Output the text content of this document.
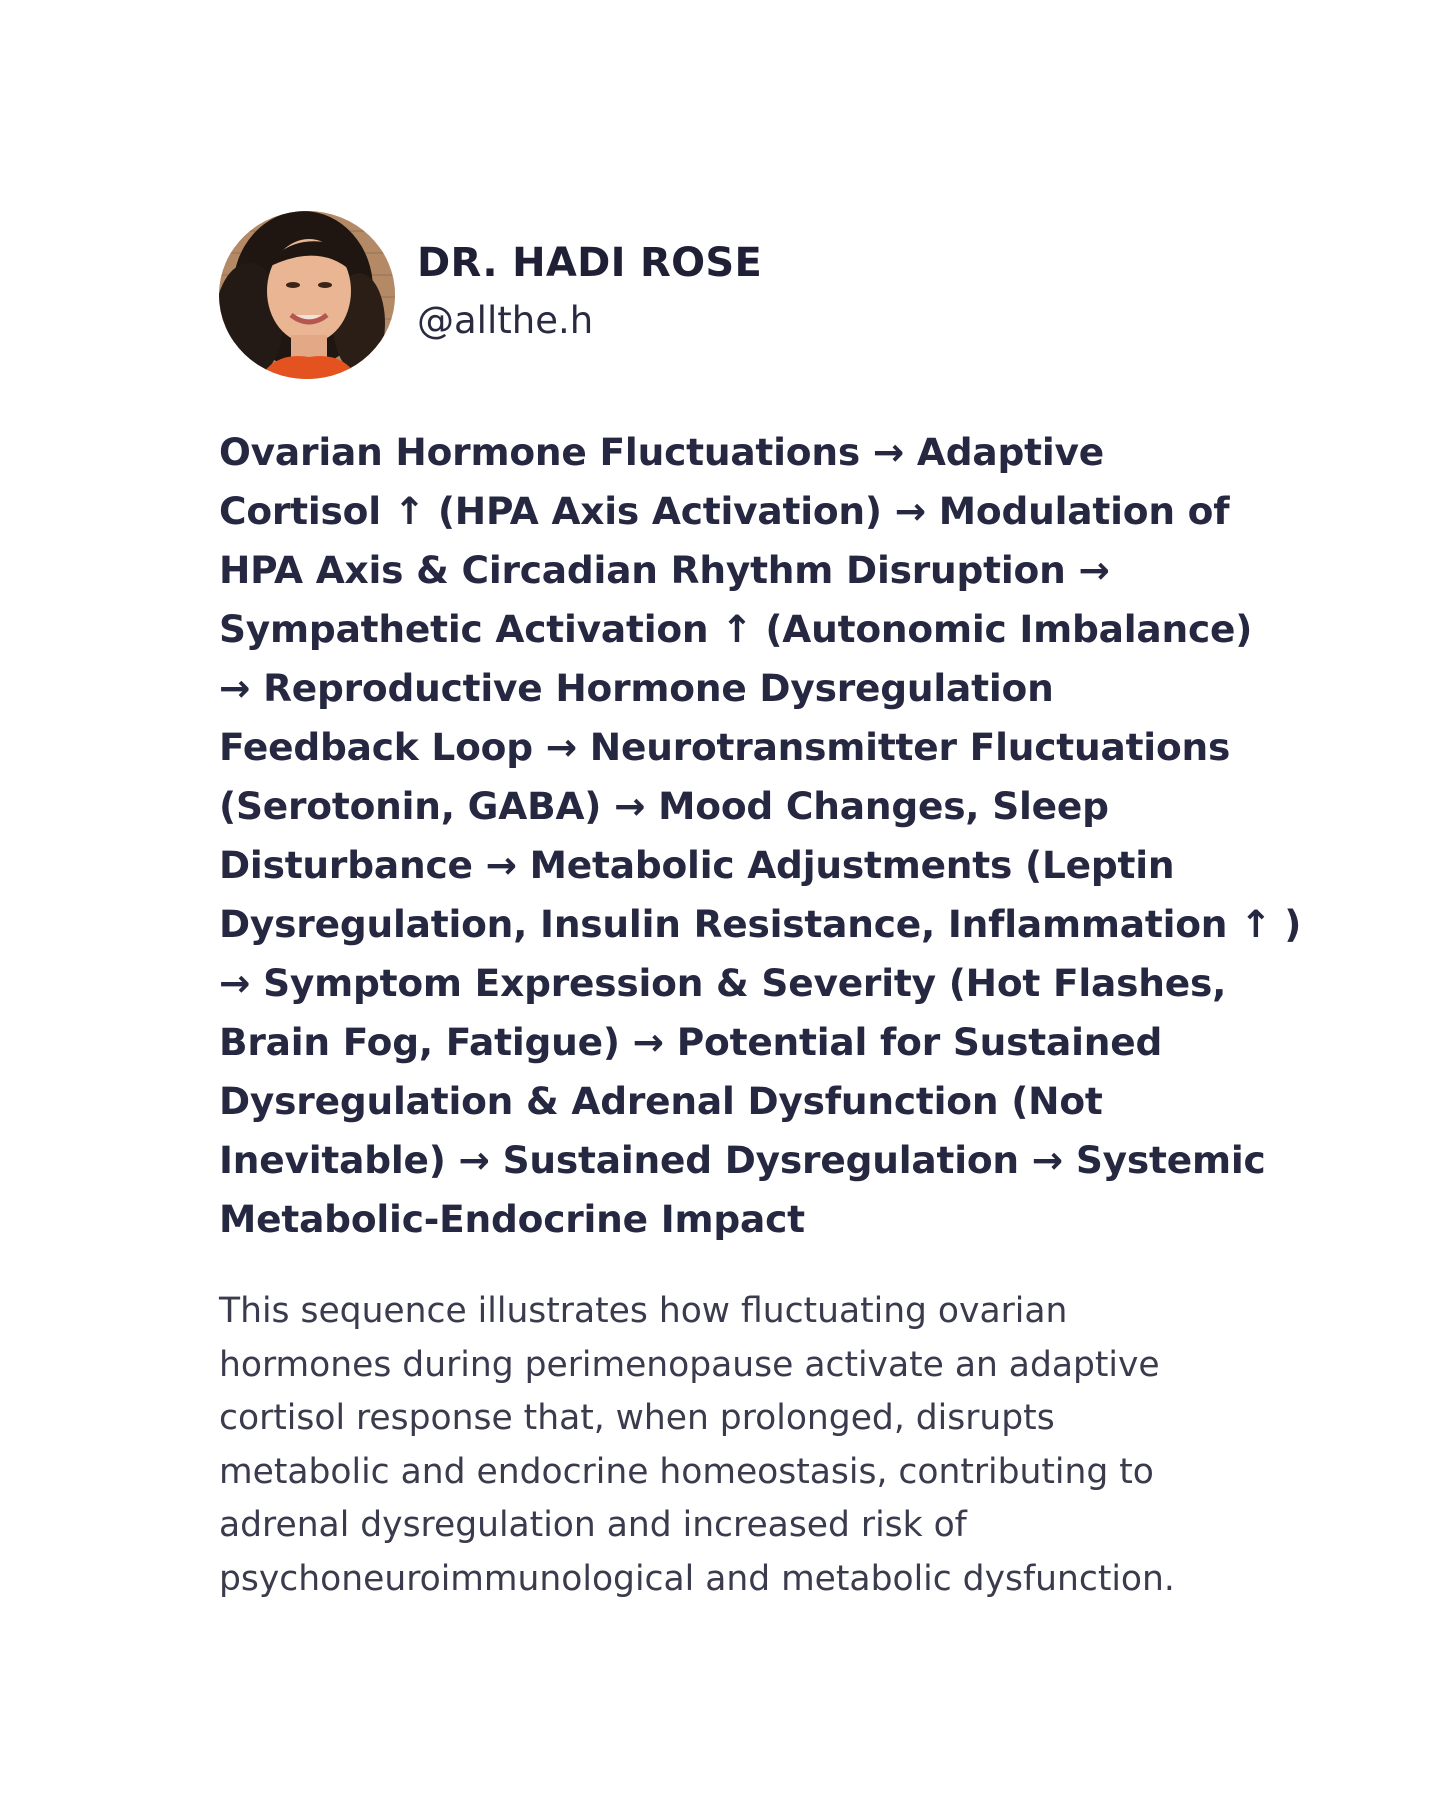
DR. HADI ROSE
@allthe.h
Ovarian Hormone Fluctuations → Adaptive
Cortisol ↑ (HPA Axis Activation) → Modulation of
HPA Axis & Circadian Rhythm Disruption →
Sympathetic Activation ↑ (Autonomic Imbalance)
→ Reproductive Hormone Dysregulation
Feedback Loop → Neurotransmitter Fluctuations
(Serotonin, GABA) → Mood Changes, Sleep
Disturbance → Metabolic Adjustments (Leptin
Dysregulation, Insulin Resistance, Inflammation ↑ )
→ Symptom Expression & Severity (Hot Flashes,
Brain Fog, Fatigue) → Potential for Sustained
Dysregulation & Adrenal Dysfunction (Not
Inevitable) → Sustained Dysregulation → Systemic
Metabolic-Endocrine Impact
This sequence illustrates how fluctuating ovarian
hormones during perimenopause activate an adaptive
cortisol response that, when prolonged, disrupts
metabolic and endocrine homeostasis, contributing to
adrenal dysregulation and increased risk of
psychoneuroimmunological and metabolic dysfunction.
